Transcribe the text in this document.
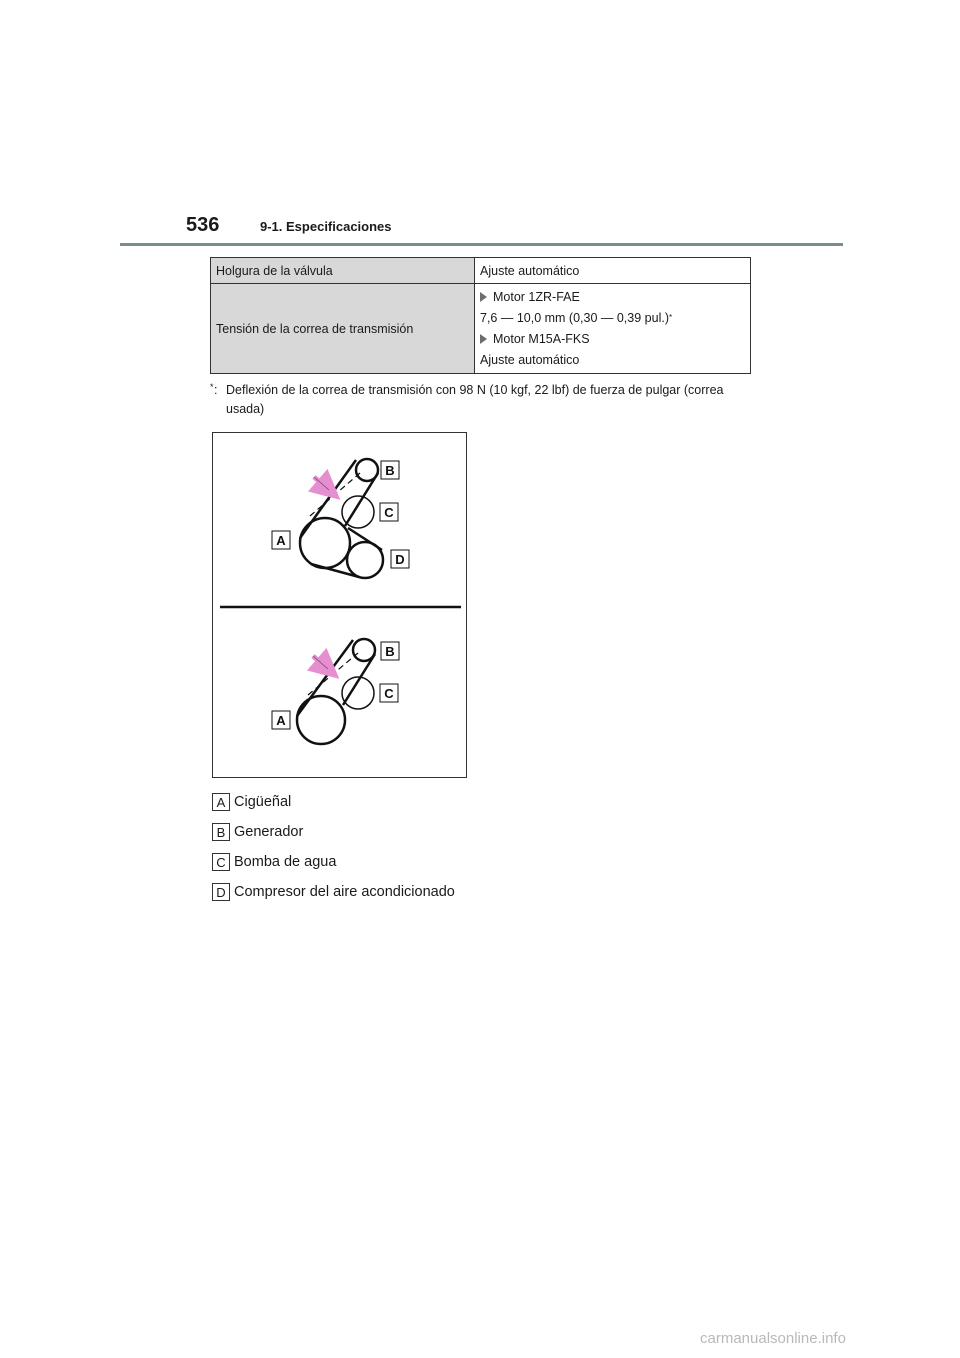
536	9-1. Especificaciones
Holgura de la válvula	Ajuste automático
Tensión de la correa de transmisión	Motor 1ZR-FAE
7,6 — 10,0 mm (0,30 — 0,39 pul.) *
Motor M15A-FKS
Ajuste automático
* : Deflexión de la correa de transmisión con 98 N (10 kgf, 22 lbf) de fuerza de pulgar (correa usada)
B
C
A
D
B
C
A
A Cigüeñal
B Generador
C Bomba de agua
D Compresor del aire acondicionado
carmanualsonline.info
